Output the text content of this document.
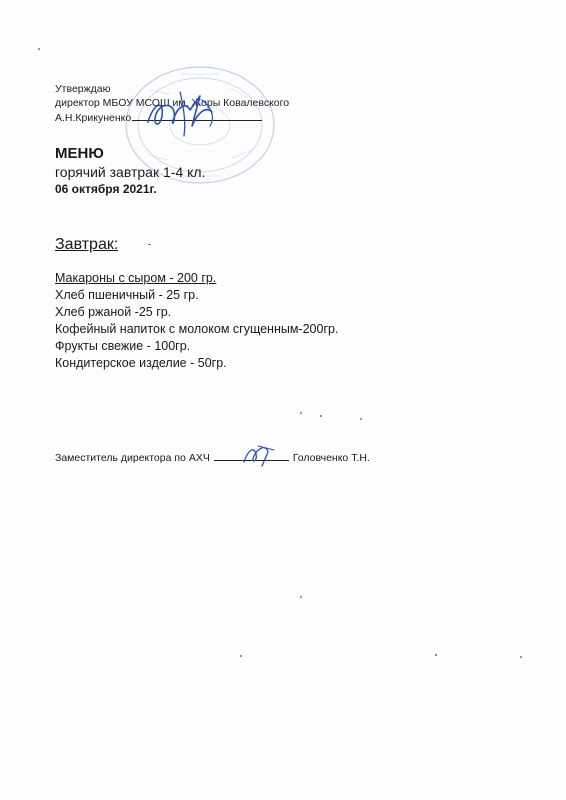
Утверждаю
директор МБОУ МСОШ им. Жоры Ковалевского
А.Н.Крикуненко
МЕНЮ
горячий завтрак 1-4 кл.
06 октября 2021г.
Завтрак:
Макароны с сыром - 200 гр.
Хлеб пшеничный - 25 гр.
Хлеб ржаной -25 гр.
Кофейный напиток с молоком сгущенным-200гр.
Фрукты свежие - 100гр.
Кондитерское изделие - 50гр.
Заместитель директора по АХЧ	Головченко Т.Н.
